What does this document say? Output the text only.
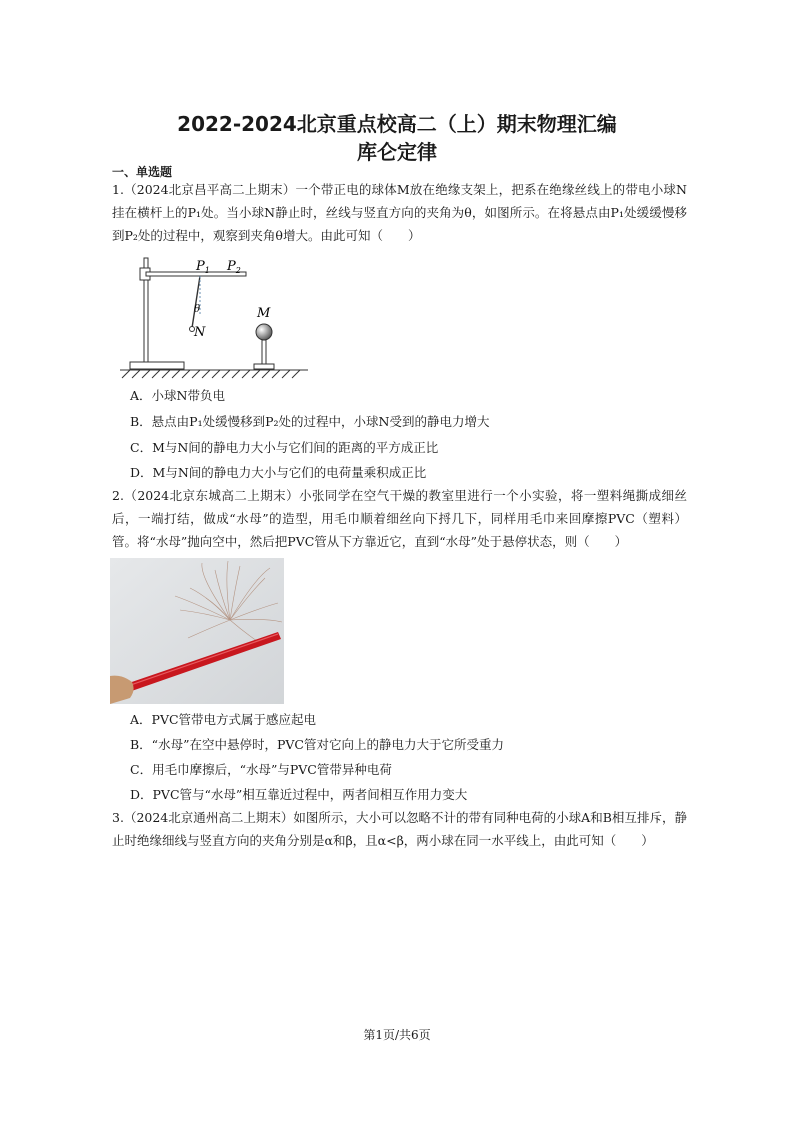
2022-2024北京重点校高二（上）期末物理汇编
库仑定律
一、单选题
1.（2024北京昌平高二上期末）一个带正电的球体M放在绝缘支架上，把系在绝缘丝线上的带电小球N挂在横杆上的P₁处。当小球N静止时，丝线与竖直方向的夹角为θ，如图所示。在将悬点由P₁处缓缓慢移到P₂处的过程中，观察到夹角θ增大。由此可知（　　）
$P_1$ $P_2$
θ
N
M
A．小球N带负电
B．悬点由P₁处缓慢移到P₂处的过程中，小球N受到的静电力增大
C．M与N间的静电力大小与它们间的距离的平方成正比
D．M与N间的静电力大小与它们的电荷量乘积成正比
2.（2024北京东城高二上期末）小张同学在空气干燥的教室里进行一个小实验，将一塑料绳撕成细丝后，一端打结，做成“水母”的造型，用毛巾顺着细丝向下捋几下，同样用毛巾来回摩擦PVC（塑料）管。将“水母”抛向空中，然后把PVC管从下方靠近它，直到“水母”处于悬停状态，则（　　）
A．PVC管带电方式属于感应起电
B．“水母”在空中悬停时，PVC管对它向上的静电力大于它所受重力
C．用毛巾摩擦后，“水母”与PVC管带异种电荷
D．PVC管与“水母”相互靠近过程中，两者间相互作用力变大
3.（2024北京通州高二上期末）如图所示，大小可以忽略不计的带有同种电荷的小球A和B相互排斥，静止时绝缘细线与竖直方向的夹角分别是α和β，且α<β，两小球在同一水平线上，由此可知（　　）
第1页/共6页
